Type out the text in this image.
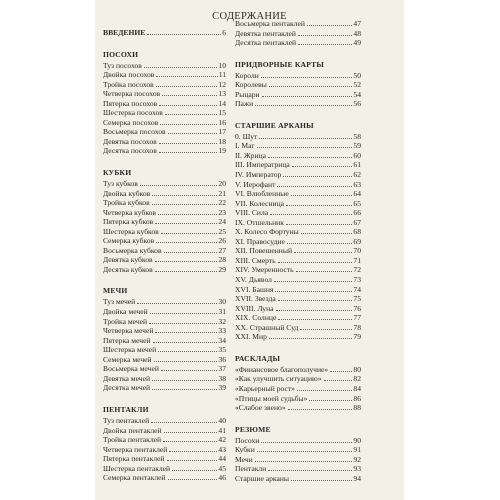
СОДЕРЖАНИЕ
ВВЕДЕНИЕ	6
ПОСОХИ
Туз посохов	10
Двойка посохов	11
Тройка посохов	12
Четверка посохов	13
Пятерка посохов	14
Шестерка посохов	15
Семерка посохов	16
Восьмерка посохов	17
Девятка посохов	18
Десятка посохов	19
КУБКИ
Туз кубков	20
Двойка кубков	21
Тройка кубков	22
Четверка кубков	23
Пятерка кубков	24
Шестерка кубков	25
Семерка кубков	26
Восьмерка кубков	27
Девятка кубков	28
Десятка кубков	29
МЕЧИ
Туз мечей	30
Двойка мечей	31
Тройка мечей	32
Четверка мечей	33
Пятерка мечей	34
Шестерка мечей	35
Семерка мечей	36
Восьмерка мечей	37
Девятка мечей	38
Десятка мечей	39
ПЕНТАКЛИ
Туз пентаклей	40
Двойка пентаклей	41
Тройка пентаклей	42
Четверка пентаклей	43
Пятерка пентаклей	44
Шестерка пентаклей	45
Семерка пентаклей	46
Восьмерка пентаклей	47
Девятка пентаклей	48
Десятка пентаклей	49
ПРИДВОРНЫЕ КАРТЫ
Короли	50
Королевы	52
Рыцари	54
Пажи	56
СТАРШИЕ АРКАНЫ
0. Шут	58
I. Маг	59
II. Жрица	60
III. Императрица	61
IV. Император	62
V. Иерофант	63
VI. Влюбленные	64
VII. Колесница	65
VIII. Сила	66
IX. Отшельник	67
X. Колесо Фортуны	68
XI. Правосудие	69
XII. Повешенный	70
XIII. Смерть	71
XIV. Умеренность	72
XV. Дьявол	73
XVI. Башня	74
XVII. Звезда	75
XVIII. Луна	76
XIX. Солнце	77
XX. Страшный Суд	78
XXI. Мир	79
РАСКЛАДЫ
«Финансовое благополучие»	80
«Как улучшить ситуацию»	82
«Карьерный рост»	84
«Птицы моей судьбы»	86
«Слабое звено»	88
РЕЗЮМЕ
Посохи	90
Кубки	91
Мечи	92
Пентакли	93
Старшие арканы	94
